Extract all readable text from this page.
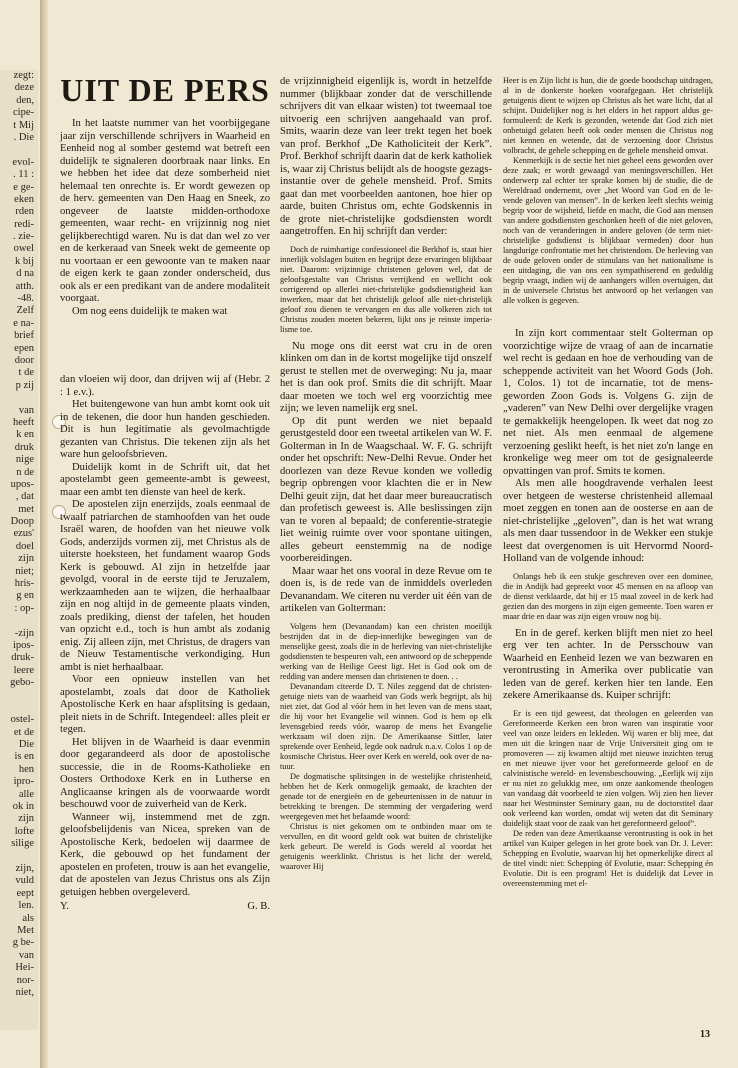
zegt:
deze
den,
cipe-
t Mij
. Die
evol-
. 11 :
e ge-
eken
rden
redi-
. zie-
owel
k bij
d na
atth.
-48.
Zelf
e na-
brief
epen
door
t de
p zij
van
heeft
k en
druk
nige
n de
upos-
, dat
met
Doop
ezus'
doel
zijn
niet;
hris-
g en
: op-
-zijn
ipos-
druk-
leere
gebo-
ostel-
et de
Die
is en
hen
ipro-
alle
ok in
zijn
lofte
silige
zijn,
vuld
eept
len.
als
Met
g be-
van
Hei-
nor-
niet,
UIT DE PERS

In het laatste nummer van het voorbijgegane jaar zijn verschillende schrijvers in Waarheid en Eenheid nog al somber gestemd wat betreft een duidelijk te signaleren doorbraak naar links. En we hebben het idee dat deze somberheid niet helemaal ten onrechte is. Er wordt gewezen op de herv. gemeenten van Den Haag en Sneek, zo ongeveer de laatste midden-orthodoxe gemeenten, waar recht- en vrijzinnig nog niet gelijkberechtigd waren. Nu is dat dan wel zo ver en de kerkeraad van Sneek wekt de gemeente op nu voortaan er een gewoonte van te maken naar de eigen kerk te gaan zonder onderscheid, dus ook als er een predikant van de andere modaliteit voorgaat.

Om nog eens duidelijk te maken wat

dan vloeien wij door, dan drijven wij af (Hebr. 2 : 1 e.v.).

Het buitengewone van hun ambt komt ook uit in de tekenen, die door hun handen geschieden. Dit is hun legitimatie als gevolmachtigde gezanten van Christus. Die tekenen zijn als het ware hun geloofsbrieven.

Duidelijk komt in de Schrift uit, dat het apostelambt geen gemeente-ambt is geweest, maar een ambt ten dienste van heel de kerk.

De apostelen zijn enerzijds, zoals eenmaal de twaalf patriarchen de stamhoofden van het oude Israël waren, de hoofden van het nieuwe volk Gods, anderzijds vormen zij, met Christus als de uiterste hoeksteen, het fundament waarop Gods Kerk is gebouwd. Al zijn in hetzelfde jaar gevolgd, vooral in de eerste tijd te Jeruzalem, werkzaamheden aan te wijzen, die herhaalbaar zijn en nog altijd in de gemeente plaats vinden, zoals prediking, dienst der tafelen, het houden van opzicht e.d., toch is hun ambt als zodanig enig. Zij alleen zijn, met Christus, de dragers van de Nieuw Testamentische verkondiging. Hun ambt is niet herhaalbaar.

Voor een opnieuw instellen van het apostelambt, zoals dat door de Katholiek Apostolische Kerk en haar afsplitsing is gedaan, pleit niets in de Schrift. Integendeel: alles pleit er tegen.

Het blijven in de Waarheid is daar evenmin door gegarandeerd als door de apostolische successie, die in de Rooms-Katholieke en Oosters Orthodoxe Kerk en in Lutherse en Anglicaanse kringen als de voorwaarde wordt beschouwd voor de zuiverheid van de Kerk.

Wanneer wij, instemmend met de zgn. geloofsbelijdenis van Nicea, spreken van de Apostolische Kerk, bedoelen wij daarmee de Kerk, die gebouwd op het fundament der apostelen en profeten, trouw is aan het evangelie, dat de apostelen van Jezus Christus ons als Zijn getuigen hebben overgeleverd.

Y.	G. B.

de vrijzinnigheid eigenlijk is, wordt in hetzelfde nummer (blijkbaar zonder dat de verschillende schrijvers dit van elkaar wisten) tot tweemaal toe uitvoerig een schrijven aangehaald van prof. Smits, waarin deze van leer trekt tegen het boek van prof. Berkhof „De Katholiciteit der Kerk”. Prof. Berkhof schrijft daarin dat de kerk katholiek is, waar zij Christus belijdt als de hoogste gezagsinstantie over de gehele mensheid. Prof. Smits gaat dan met voorbeelden aantonen, hoe hier op aarde, buiten Christus om, echte Godskennis in de grote niet-christelijke godsdiensten wordt aangetroffen. En hij schrijft dan verder:

Doch de ruimhartige confessioneel die Berkhof is, staat hier innerlijk volslagen buiten en begrijpt deze ervaringen blijkbaar niet. Daarom: vrijzinnige christenen geloven wel, dat de geloofsgestalte van Christus verrijkend en wellicht ook corrigerend op allerlei niet-christelijke godsdienstigheid kan inwerken, maar dat het christelijk geloof alle niet-christelijk geloof zou dienen te vervangen en dus alle volkeren zich tot Christus zouden moeten bekeren, lijkt ons je reinste imperialisme toe.

Nu moge ons dit eerst wat cru in de oren klinken om dan in de kortst mogelijke tijd onszelf gerust te stellen met de overweging: Nu ja, maar het is dan ook prof. Smits die dit schrijft. Maar daar moeten we toch wel erg voorzichtig mee zijn; we leven namelijk erg snel.

Op dit punt werden we niet bepaald gerustgesteld door een tweetal artikelen van W. F. Golterman in In de Waagschaal. W. F. G. schrijft onder het opschrift: New-Delhi Revue. Onder het doorlezen van deze Revue konden we volledig begrip opbrengen voor klachten die er in New Delhi geuit zijn, dat het daar meer bureaucratisch dan profetisch geweest is. Alle beslissingen zijn van te voren al bepaald; de conferentie-strategie liet weinig ruimte over voor spontane uitingen, alles gebeurt eenstemmig na de nodige voorbereidingen.

Maar waar het ons vooral in deze Revue om te doen is, is de rede van de inmiddels overleden Devanandam. We citeren nu verder uit één van de artikelen van Golterman:

Volgens hem (Devanandam) kan een christen moeilijk bestrijden dat in de diep-innerlijke bewegingen van de menselijke geest, zoals die in de herleving van niet-christelijke godsdiensten te bespeuren valt, een antwoord op de scheppende werking van de Heilige Geest ligt. Het is God ook om de redding van andere mensen dan christenen te doen. . .

Devanandam citeerde D. T. Niles zeggend dat de christen-getuige niets van de waarheid van Gods werk begrijpt, als hij niet ziet, dat God al vóór hem in het leven van de mens staat, die hij voor het Evangelie wil winnen. God is hem op elk levensgebied reeds vóór, waarop de mens het Evangelie werkzaam wil doen zijn. De Amerikaanse Sittler, later sprekende over Eenheid, legde ook nadruk n.a.v. Colos 1 op de kosmische Christus. Heer over Kerk en wereld, ook over de natuur.

De dogmatische splitsingen in de westelijke christenheid, hebben het de Kerk onmogelijk gemaakt, de krachten der genade tot de energieën en de gebeurtenissen in de natuur in betrekking te brengen. De stemming der vergadering werd weergegeven met het befaamde woord:

Christus is niet gekomen om te ontbinden maar om te vervullen, en dit woord geldt ook wat buiten de christelijke kerk gebeurt. De wereld is Gods wereld al voordat het getuigenis weerklinkt. Christus is het licht der wereld, waarover Hij

Heer is en Zijn licht is hun, die de goede boodschap uitdragen, al in de donkerste hoeken voorafgegaan. Het christelijk getuigenis dient te wijzen op Christus als het ware licht, dat al schijnt. Duidelijker nog is het elders in het rapport aldus geformuleerd: de Kerk is gezonden, wetende dat God zich niet onbetuigd gelaten heeft ook onder mensen die Christus nog niet kennen en wetende, dat de verzoening door Christus volbracht, de gehele schepping en de gehele mensheid omvat.

Kenmerkijk is de sectie het niet geheel eens geworden over deze zaak; er wordt gewaagd van meningsverschillen. Het onderwerp zal echter ter sprake komen bij de studie, die de Wereldraad ondernemt, over „het Woord van God en de levende geloven van mensen”. In de kerken leeft slechts weinig begrip voor de wijsheid, liefde en macht, die God aan mensen van andere godsdiensten geschonken heeft of die niet geloven, noch van de veranderingen in andere geloven (de term niet-christelijke godsdienst is blijkbaar vermeden) door hun langdurige confrontatie met het christendom. De herleving van de oude geloven onder de stimulans van het nationalisme is een uitdaging, die van ons een sympathiserend en geduldig begrip vraagt, indien wij de aanhangers willen overtuigen, dat in de universele Christus het antwoord op het verlangen van alle volken is gegeven.

In zijn kort commentaar stelt Golterman op voorzichtige wijze de vraag of aan de incarnatie wel recht is gedaan en hoe de verhouding van de scheppende activiteit van het Woord Gods (Joh. 1, Colos. 1) tot de incarnatie, tot de mensgeworden Zoon Gods is. Volgens G. zijn de „vaderen” van New Delhi over dergelijke vragen te gemakkelijk heengelopen. Ik weet dat nog zo net niet. Als men eenmaal de algemene verzoening geslikt heeft, is het niet zo'n lange en kronkelige weg meer om tot de gesignaleerde opvattingen van prof. Smits te komen.

Als men alle hoogdravende verhalen leest over hetgeen de westerse christenheid allemaal moet zeggen en tonen aan de oosterse en aan de niet-christelijke „geloven”, dan is het wat wrang als men daar tussendoor in de Wekker een stukje leest dat overgenomen is uit Hervormd Noord-Holland van de volgende inhoud:

Onlangs heb ik een stukje geschreven over een dominee, die in Andijk had gepreekt voor 45 mensen en na afloop van de dienst verklaarde, dat hij er 15 maal zoveel in de kerk had gezien dan des morgens in zijn eigen gemeente. Toen waren er maar drie en daar was zijn eigen vrouw nog bij.

En in de geref. kerken blijft men niet zo heel erg ver ten achter. In de Persschouw van Waarheid en Eenheid lezen we van bezwaren en verontrusting in Amerika over publicatie van leden van de geref. kerken hier ten lande. Een zekere Amerikaanse ds. Kuiper schrijft:

Er is een tijd geweest, dat theologen en geleerden van Gereformeerde Kerken een bron waren van inspiratie voor veel van onze leiders en lekleden. Wij waren er blij mee, dat men uit die kringen naar de Vrije Universiteit ging om te promoveren — zij kwamen altijd met nieuwe inzichten terug en met nieuwe ijver voor het gereformeerde geloof en de calvinistische wereld- en levensbeschouwing. „Eerlijk wij zijn er nu niet zo gelukkig mee, om onze aankomende theologen van vandaag dát voorbeeld te zien volgen. Wij zien hen liever naar het Westminster Seminary gaan, nu de doctorstitel daar ook verleend kan worden, omdat wij weten dat dit Seminary duidelijk staat voor de zaak van het gereformeerd geloof”.

De reden van deze Amerikaanse verontrusting is ook in het artikel van Kuiper gelegen in het grote boek van Dr. J. Lever: Schepping en Evolutie, waarvan hij het opmerkelijke direct al de titel vindt: niet: Schepping óf Evolutie, maar: Schepping én Evolutie. Dit is een program! Het is duidelijk dat Lever in overeenstemming met el-

13
